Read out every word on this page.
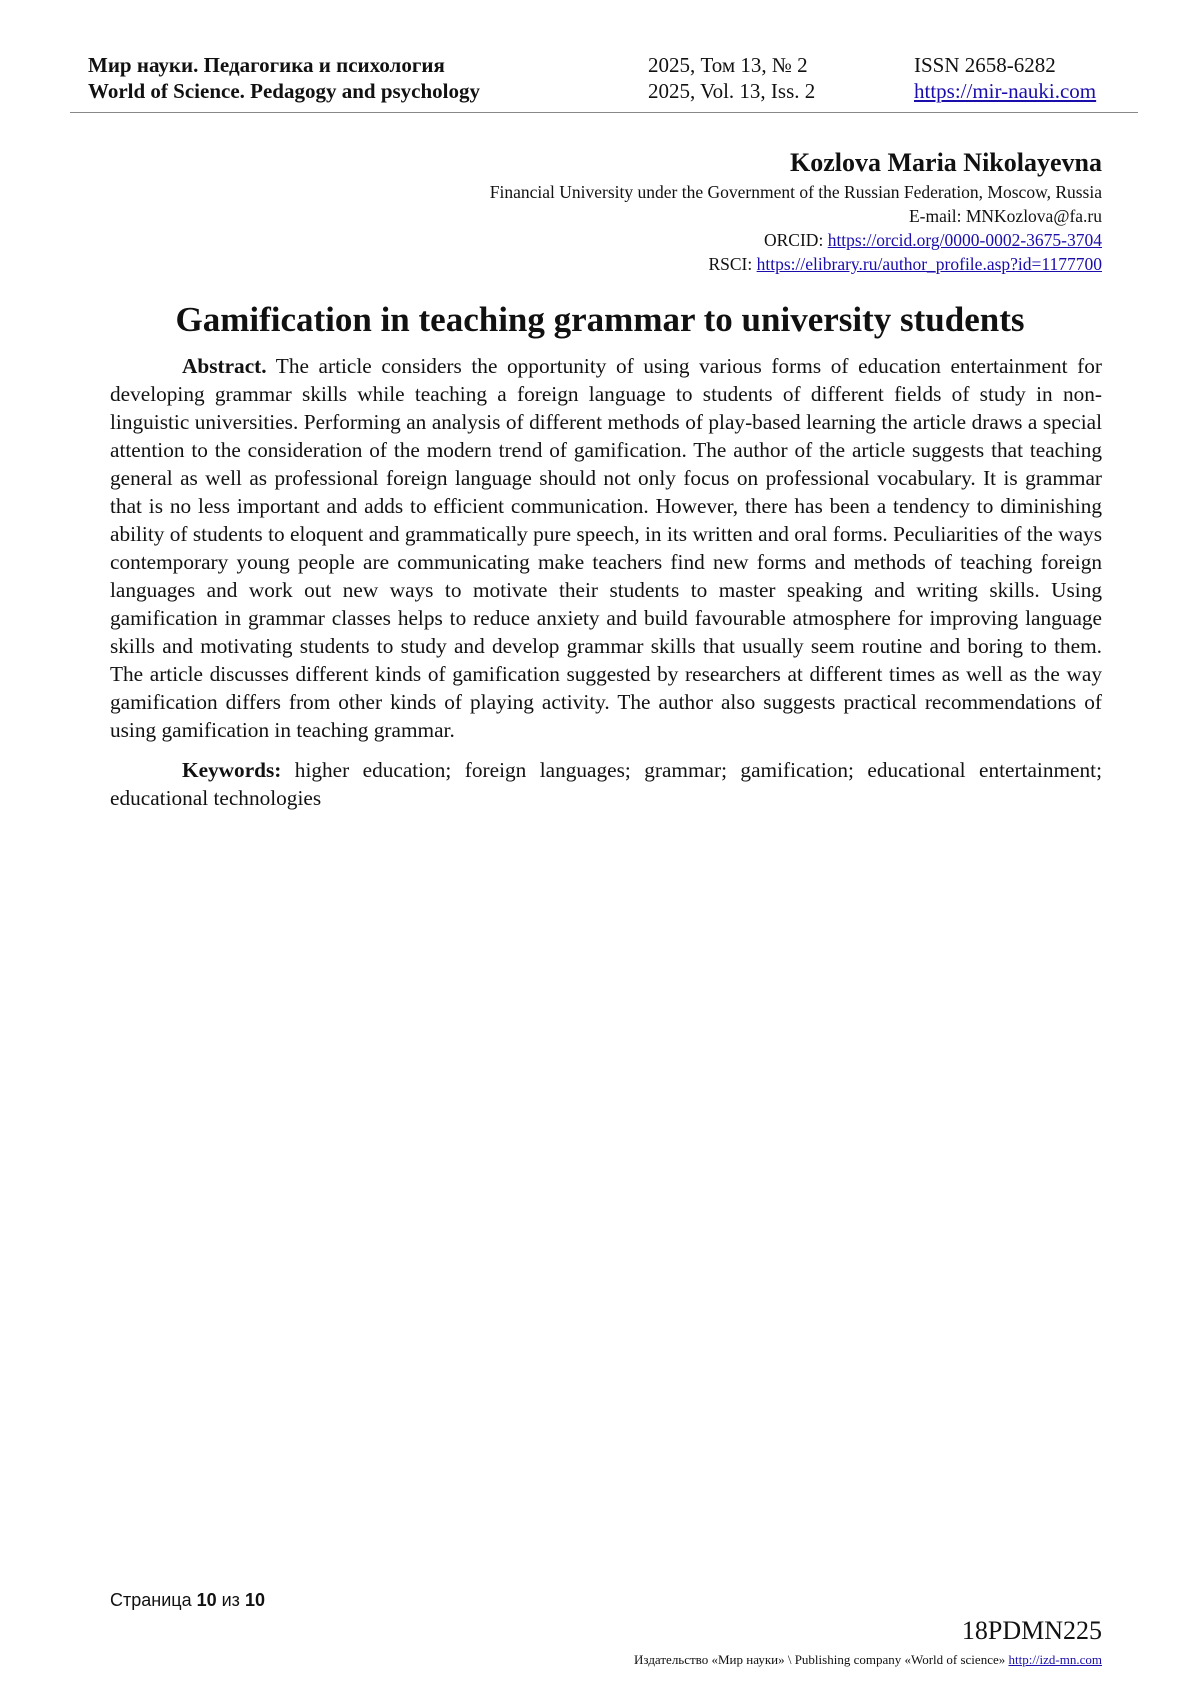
Мир науки. Педагогика и психология
World of Science. Pedagogy and psychology
2025, Том 13, № 2
2025, Vol. 13, Iss. 2
ISSN 2658-6282
https://mir-nauki.com
Kozlova Maria Nikolayevna
Financial University under the Government of the Russian Federation, Moscow, Russia
E-mail: MNKozlova@fa.ru
ORCID: https://orcid.org/0000-0002-3675-3704
RSCI: https://elibrary.ru/author_profile.asp?id=1177700
Gamification in teaching grammar to university students

Abstract. The article considers the opportunity of using various forms of education entertainment for developing grammar skills while teaching a foreign language to students of different fields of study in non-linguistic universities. Performing an analysis of different methods of play-based learning the article draws a special attention to the consideration of the modern trend of gamification. The author of the article suggests that teaching general as well as professional foreign language should not only focus on professional vocabulary. It is grammar that is no less important and adds to efficient communication. However, there has been a tendency to diminishing ability of students to eloquent and grammatically pure speech, in its written and oral forms. Peculiarities of the ways contemporary young people are communicating make teachers find new forms and methods of teaching foreign languages and work out new ways to motivate their students to master speaking and writing skills. Using gamification in grammar classes helps to reduce anxiety and build favourable atmosphere for improving language skills and motivating students to study and develop grammar skills that usually seem routine and boring to them. The article discusses different kinds of gamification suggested by researchers at different times as well as the way gamification differs from other kinds of playing activity. The author also suggests practical recommendations of using gamification in teaching grammar.

Keywords: higher education; foreign languages; grammar; gamification; educational entertainment; educational technologies

Страница 10 из 10
18PDMN225
Издательство «Мир науки» \ Publishing company «World of science» http://izd-mn.com
